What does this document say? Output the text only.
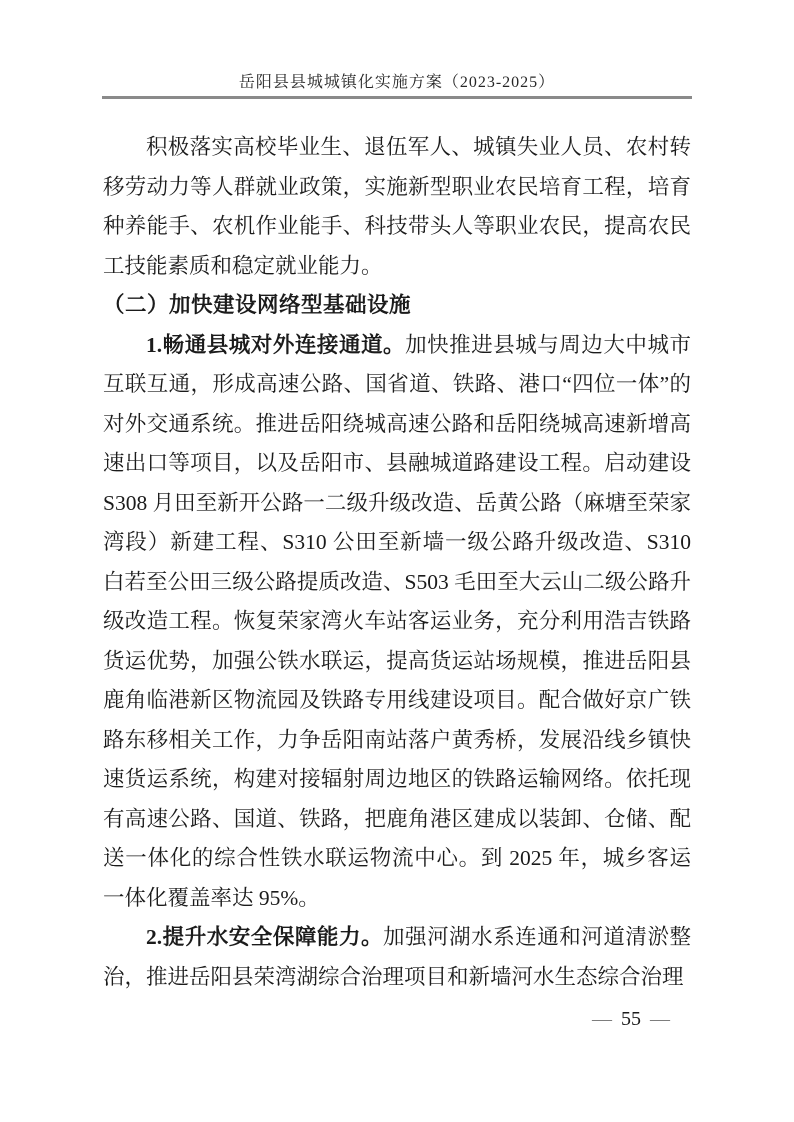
岳阳县县城城镇化实施方案（2023-2025）

积极落实高校毕业生、退伍军人、城镇失业人员、农村转移劳动力等人群就业政策，实施新型职业农民培育工程，培育种养能手、农机作业能手、科技带头人等职业农民，提高农民工技能素质和稳定就业能力。

（二）加快建设网络型基础设施

1.畅通县城对外连接通道。加快推进县城与周边大中城市互联互通，形成高速公路、国省道、铁路、港口“四位一体”的对外交通系统。推进岳阳绕城高速公路和岳阳绕城高速新增高速出口等项目，以及岳阳市、县融城道路建设工程。启动建设 S308 月田至新开公路一二级升级改造、岳黄公路（麻塘至荣家湾段）新建工程、S310 公田至新墙一级公路升级改造、S310 白若至公田三级公路提质改造、S503 毛田至大云山二级公路升级改造工程。恢复荣家湾火车站客运业务，充分利用浩吉铁路货运优势，加强公铁水联运，提高货运站场规模，推进岳阳县鹿角临港新区物流园及铁路专用线建设项目。配合做好京广铁路东移相关工作，力争岳阳南站落户黄秀桥，发展沿线乡镇快速货运系统，构建对接辐射周边地区的铁路运输网络。依托现有高速公路、国道、铁路，把鹿角港区建成以装卸、仓储、配送一体化的综合性铁水联运物流中心。到 2025 年，城乡客运一体化覆盖率达 95%。

2.提升水安全保障能力。加强河湖水系连通和河道清淤整治，推进岳阳县荣湾湖综合治理项目和新墙河水生态综合治理

— 55 —
